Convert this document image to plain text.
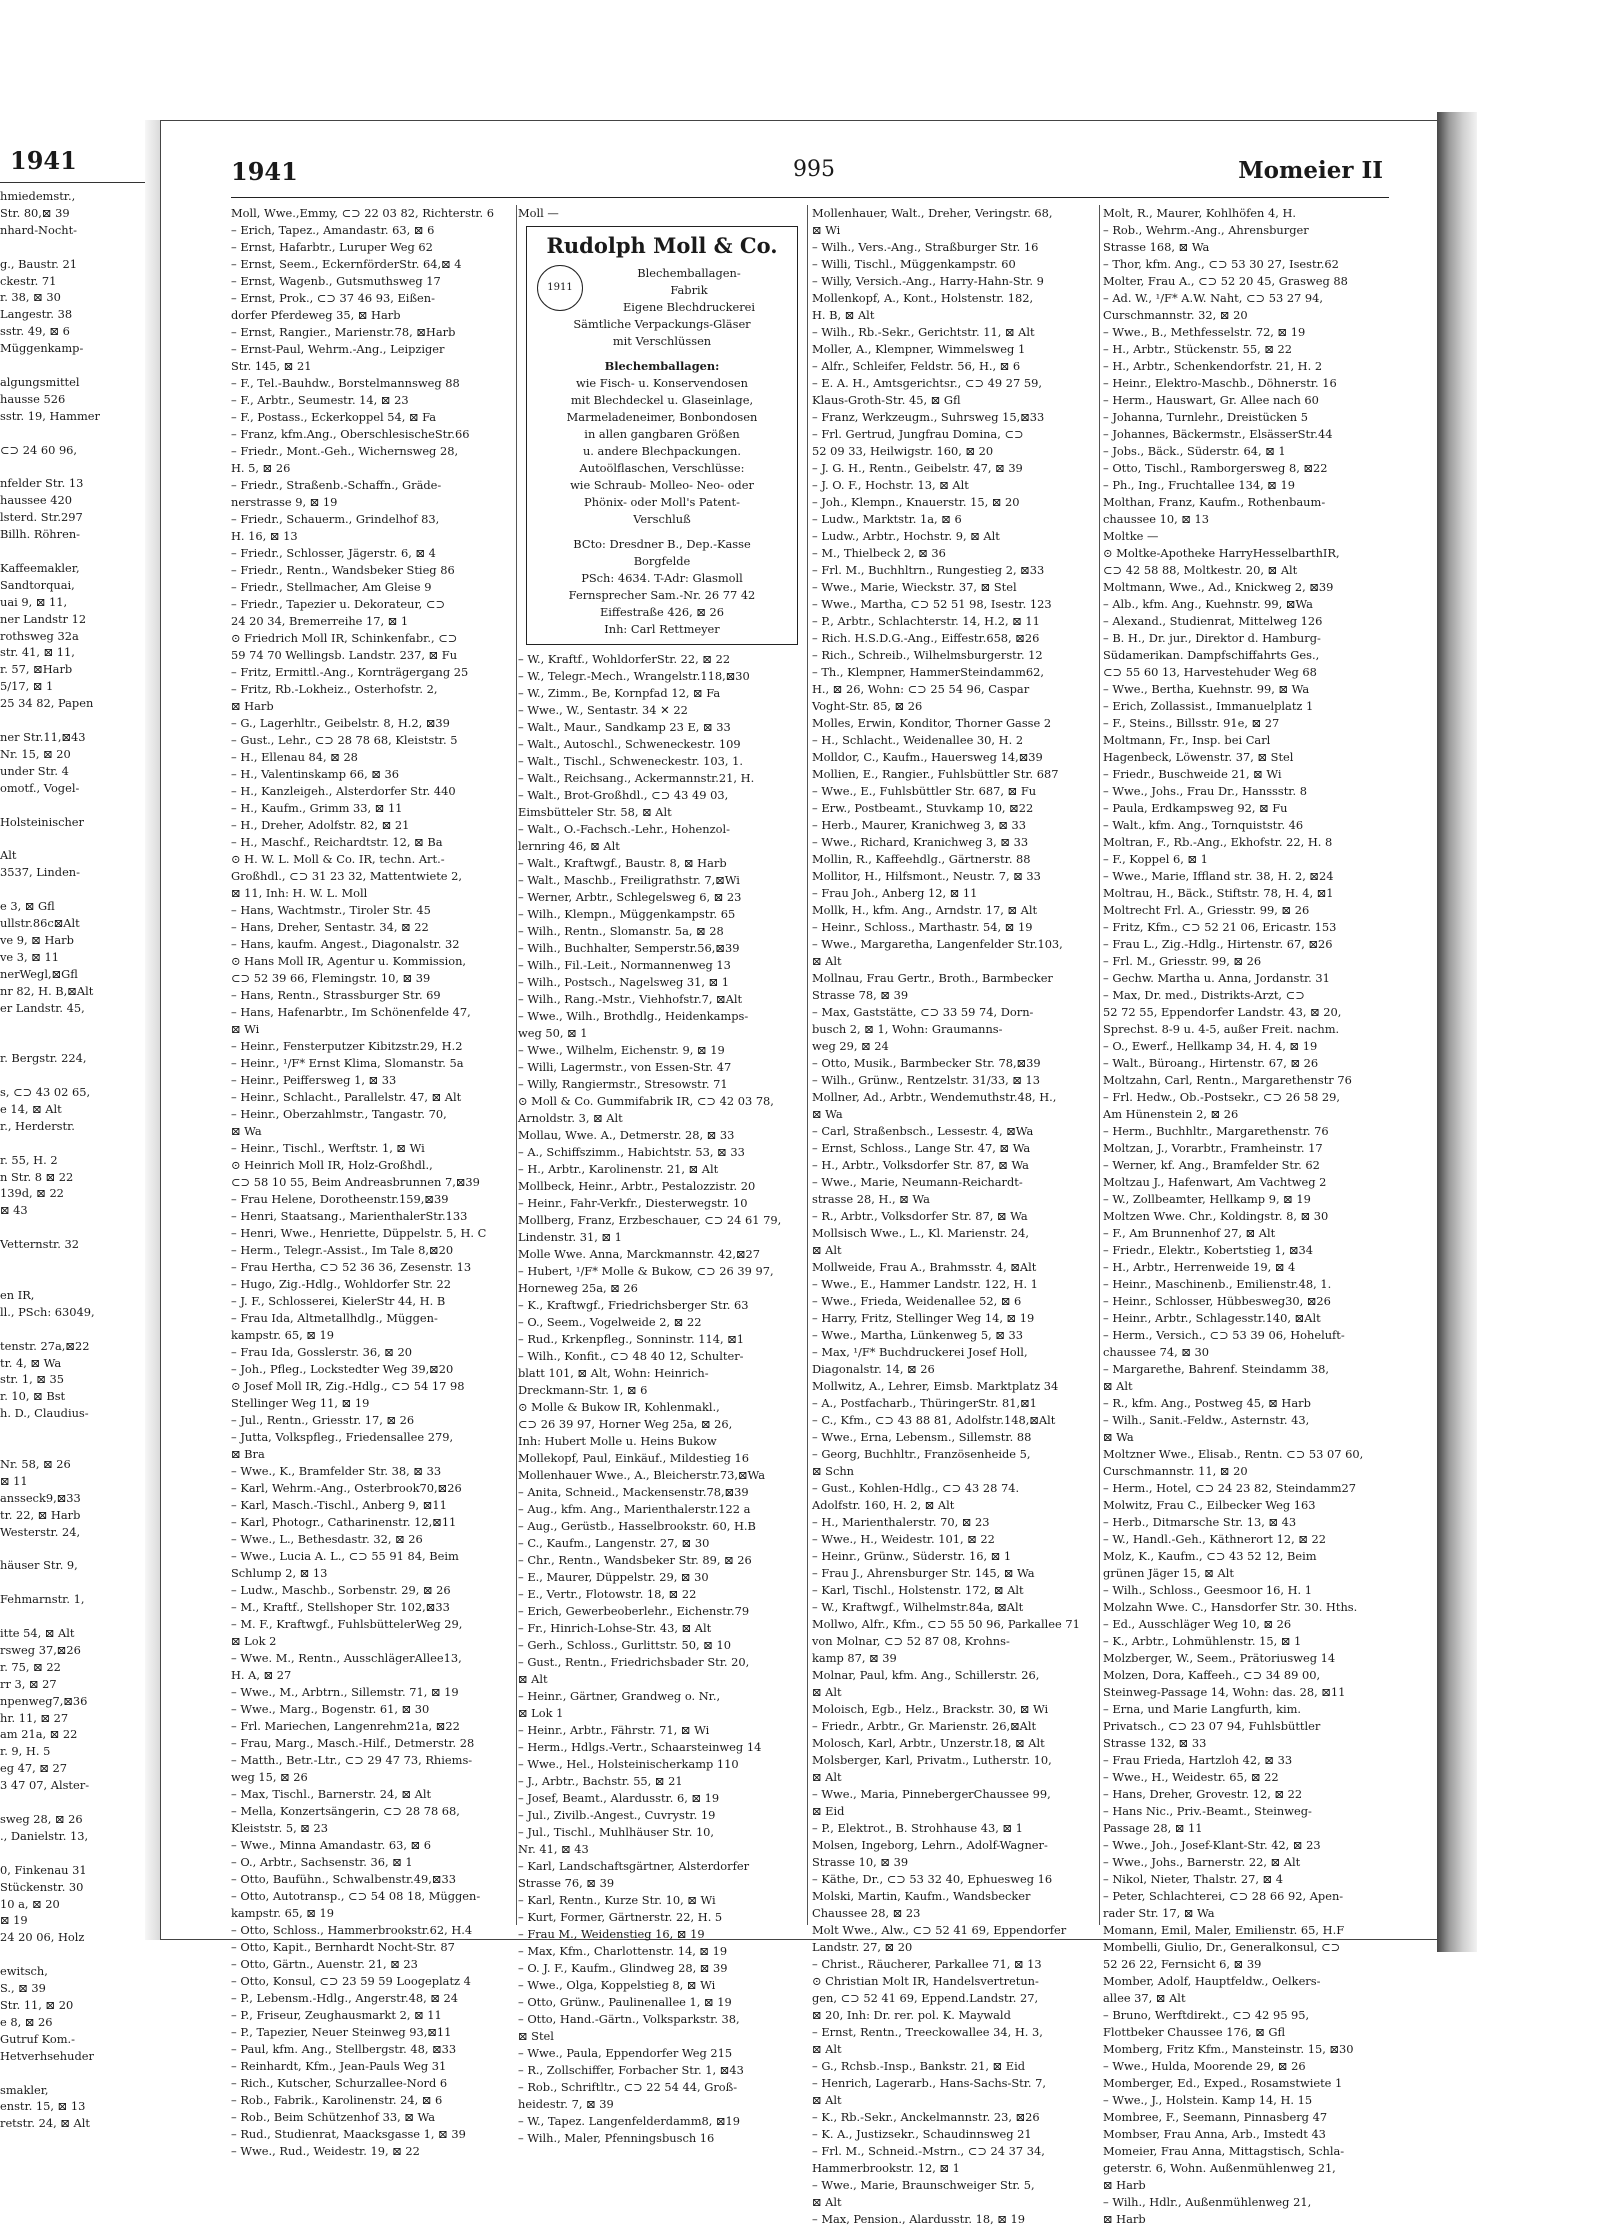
1941
hmiedemstr.,
Str. 80,⊠ 39
nhard-Nocht-

g., Baustr. 21
ckestr. 71
r. 38, ⊠ 30
Langestr. 38
sstr. 49, ⊠ 6
Müggenkamp-

algungsmittel
hausse 526
sstr. 19, Hammer

⊂⊃ 24 60 96,

nfelder Str. 13
haussee 420
lsterd. Str.297
Billh. Röhren-

Kaffeemakler,
Sandtorquai,
uai 9, ⊠ 11,
ner Landstr 12
rothsweg 32a
str. 41, ⊠ 11,
r. 57, ⊠Harb
5/17, ⊠ 1
25 34 82, Papen

ner Str.11,⊠43
Nr. 15, ⊠ 20
under Str. 4
omotf., Vogel-

Holsteinischer

Alt
3537, Linden-

e 3, ⊠ Gfl
ullstr.86c⊠Alt
ve 9, ⊠ Harb
ve 3, ⊠ 11
nerWegl,⊠Gfl
nr 82, H. B,⊠Alt
er Landstr. 45,

r. Bergstr. 224,

s, ⊂⊃ 43 02 65,
e 14, ⊠ Alt
r., Herderstr.

r. 55, H. 2
n Str. 8 ⊠ 22
139d, ⊠ 22
⊠ 43

Vetternstr. 32

en IR,
ll., PSch: 63049,

tenstr. 27a,⊠22
tr. 4, ⊠ Wa
str. 1, ⊠ 35
r. 10, ⊠ Bst
h. D., Claudius-

Nr. 58, ⊠ 26
⊠ 11
ansseck9,⊠33
tr. 22, ⊠ Harb
Westerstr. 24,

häuser Str. 9,

Fehmarnstr. 1,

itte 54, ⊠ Alt
rsweg 37,⊠26
r. 75, ⊠ 22
rr 3, ⊠ 27
npenweg7,⊠36
hr. 11, ⊠ 27
am 21a, ⊠ 22
r. 9, H. 5
eg 47, ⊠ 27
3 47 07, Alster-

sweg 28, ⊠ 26
., Danielstr. 13,

0, Finkenau 31
Stückenstr. 30
10 a, ⊠ 20
⊠ 19
24 20 06, Holz

ewitsch,
S., ⊠ 39
Str. 11, ⊠ 20
e 8, ⊠ 26
Gutruf Kom.-
Hetverhsehuder

smakler,
enstr. 15, ⊠ 13
retstr. 24, ⊠ Alt
1941	995	Momeier II
Moll, Wwe.,Emmy, ⊂⊃ 22 03 82, Richterstr. 6
– Erich, Tapez., Amandastr. 63, ⊠ 6
– Ernst, Hafarbtr., Luruper Weg 62
– Ernst, Seem., EckernförderStr. 64,⊠ 4
– Ernst, Wagenb., Gutsmuthsweg 17
– Ernst, Prok., ⊂⊃ 37 46 93, Eißen-
dorfer Pferdeweg 35, ⊠ Harb
– Ernst, Rangier., Marienstr.78, ⊠Harb
– Ernst-Paul, Wehrm.-Ang., Leipziger
Str. 145, ⊠ 21
– F., Tel.-Bauhdw., Borstelmannsweg 88
– F., Arbtr., Seumestr. 14, ⊠ 23
– F., Postass., Eckerkoppel 54, ⊠ Fa
– Franz, kfm.Ang., OberschlesischeStr.66
– Friedr., Mont.-Geh., Wichernsweg 28,
H. 5, ⊠ 26
– Friedr., Straßenb.-Schaffn., Gräde-
nerstrasse 9, ⊠ 19
– Friedr., Schauerm., Grindelhof 83,
H. 16, ⊠ 13
– Friedr., Schlosser, Jägerstr. 6, ⊠ 4
– Friedr., Rentn., Wandsbeker Stieg 86
– Friedr., Stellmacher, Am Gleise 9
– Friedr., Tapezier u. Dekorateur, ⊂⊃
24 20 34, Bremerreihe 17, ⊠ 1
⊙ Friedrich Moll IR, Schinkenfabr., ⊂⊃
59 74 70 Wellingsb. Landstr. 237, ⊠ Fu
– Fritz, Ermittl.-Ang., Kornträgergang 25
– Fritz, Rb.-Lokheiz., Osterhofstr. 2,
⊠ Harb
– G., Lagerhltr., Geibelstr. 8, H.2, ⊠39
– Gust., Lehr., ⊂⊃ 28 78 68, Kleiststr. 5
– H., Ellenau 84, ⊠ 28
– H., Valentinskamp 66, ⊠ 36
– H., Kanzleigeh., Alsterdorfer Str. 440
– H., Kaufm., Grimm 33, ⊠ 11
– H., Dreher, Adolfstr. 82, ⊠ 21
– H., Maschf., Reichardtstr. 12, ⊠ Ba
⊙ H. W. L. Moll & Co. IR, techn. Art.-
Großhdl., ⊂⊃ 31 23 32, Mattentwiete 2,
⊠ 11, Inh: H. W. L. Moll
– Hans, Wachtmstr., Tiroler Str. 45
– Hans, Dreher, Sentastr. 34, ⊠ 22
– Hans, kaufm. Angest., Diagonalstr. 32
⊙ Hans Moll IR, Agentur u. Kommission,
⊂⊃ 52 39 66, Flemingstr. 10, ⊠ 39
– Hans, Rentn., Strassburger Str. 69
– Hans, Hafenarbtr., Im Schönenfelde 47,
⊠ Wi
– Heinr., Fensterputzer Kibitzstr.29, H.2
– Heinr., ¹/F* Ernst Klima, Slomanstr. 5a
– Heinr., Peiffersweg 1, ⊠ 33
– Heinr., Schlacht., Parallelstr. 47, ⊠ Alt
– Heinr., Oberzahlmstr., Tangastr. 70,
⊠ Wa
– Heinr., Tischl., Werftstr. 1, ⊠ Wi
⊙ Heinrich Moll IR, Holz-Großhdl.,
⊂⊃ 58 10 55, Beim Andreasbrunnen 7,⊠39
– Frau Helene, Dorotheenstr.159,⊠39
– Henri, Staatsang., MarienthalerStr.133
– Henri, Wwe., Henriette, Düppelstr. 5, H. C
– Herm., Telegr.-Assist., Im Tale 8,⊠20
– Frau Hertha, ⊂⊃ 52 36 36, Zesenstr. 13
– Hugo, Zig.-Hdlg., Wohldorfer Str. 22
– J. F., Schlosserei, KielerStr 44, H. B
– Frau Ida, Altmetallhdlg., Müggen-
kampstr. 65, ⊠ 19
– Frau Ida, Gosslerstr. 36, ⊠ 20
– Joh., Pfleg., Lockstedter Weg 39,⊠20
⊙ Josef Moll IR, Zig.-Hdlg., ⊂⊃ 54 17 98
Stellinger Weg 11, ⊠ 19
– Jul., Rentn., Griesstr. 17, ⊠ 26
– Jutta, Volkspfleg., Friedensallee 279,
⊠ Bra
– Wwe., K., Bramfelder Str. 38, ⊠ 33
– Karl, Wehrm.-Ang., Osterbrook70,⊠26
– Karl, Masch.-Tischl., Anberg 9, ⊠11
– Karl, Photogr., Catharinenstr. 12,⊠11
– Wwe., L., Bethesdastr. 32, ⊠ 26
– Wwe., Lucia A. L., ⊂⊃ 55 91 84, Beim
Schlump 2, ⊠ 13
– Ludw., Maschb., Sorbenstr. 29, ⊠ 26
– M., Kraftf., Stellshoper Str. 102,⊠33
– M. F., Kraftwgf., FuhlsbüttelerWeg 29,
⊠ Lok 2
– Wwe. M., Rentn., AusschlägerAllee13,
H. A, ⊠ 27
– Wwe., M., Arbtrn., Sillemstr. 71, ⊠ 19
– Wwe., Marg., Bogenstr. 61, ⊠ 30
– Frl. Mariechen, Langenrehm21a, ⊠22
– Frau, Marg., Masch.-Hilf., Detmerstr. 28
– Matth., Betr.-Ltr., ⊂⊃ 29 47 73, Rhiems-
weg 15, ⊠ 26
– Max, Tischl., Barnerstr. 24, ⊠ Alt
– Mella, Konzertsängerin, ⊂⊃ 28 78 68,
Kleiststr. 5, ⊠ 23
– Wwe., Minna Amandastr. 63, ⊠ 6
– O., Arbtr., Sachsenstr. 36, ⊠ 1
– Otto, Baufühn., Schwalbenstr.49,⊠33
– Otto, Autotransp., ⊂⊃ 54 08 18, Müggen-
kampstr. 65, ⊠ 19
– Otto, Schloss., Hammerbrookstr.62, H.4
– Otto, Kapit., Bernhardt Nocht-Str. 87
– Otto, Gärtn., Auenstr. 21, ⊠ 23
– Otto, Konsul, ⊂⊃ 23 59 59 Loogeplatz 4
– P., Lebensm.-Hdlg., Angerstr.48, ⊠ 24
– P., Friseur, Zeughausmarkt 2, ⊠ 11
– P., Tapezier, Neuer Steinweg 93,⊠11
– Paul, kfm. Ang., Stellbergstr. 48, ⊠33
– Reinhardt, Kfm., Jean-Pauls Weg 31
– Rich., Kutscher, Schurzallee-Nord 6
– Rob., Fabrik., Karolinenstr. 24, ⊠ 6
– Rob., Beim Schützenhof 33, ⊠ Wa
– Rud., Studienrat, Maacksgasse 1, ⊠ 39
– Wwe., Rud., Weidestr. 19, ⊠ 22
Moll —
Rudolph Moll & Co.
1911
Blechemballagen-
Fabrik
Eigene Blechdruckerei
Sämtliche Verpackungs-Gläser
mit Verschlüssen
Blechemballagen:
wie Fisch- u. Konservendosen
mit Blechdeckel u. Glaseinlage,
Marmeladeneimer, Bonbondosen
in allen gangbaren Größen
u. andere Blechpackungen.
Autoölflaschen, Verschlüsse:
wie Schraub- Molleo- Neo- oder
Phönix- oder Moll's Patent-
Verschluß
BCto: Dresdner B., Dep.-Kasse
Borgfelde
PSch: 4634. T-Adr: Glasmoll
Fernsprecher Sam.-Nr. 26 77 42
Eiffestraße 426, ⊠ 26
Inh: Carl Rettmeyer
– W., Kraftf., WohldorferStr. 22, ⊠ 22
– W., Telegr.-Mech., Wrangelstr.118,⊠30
– W., Zimm., Be, Kornpfad 12, ⊠ Fa
– Wwe., W., Sentastr. 34 ✕ 22
– Walt., Maur., Sandkamp 23 E, ⊠ 33
– Walt., Autoschl., Schweneckestr. 109
– Walt., Tischl., Schweneckestr. 103, 1.
– Walt., Reichsang., Ackermannstr.21, H.
– Walt., Brot-Großhdl., ⊂⊃ 43 49 03,
Eimsbütteler Str. 58, ⊠ Alt
– Walt., O.-Fachsch.-Lehr., Hohenzol-
lernring 46, ⊠ Alt
– Walt., Kraftwgf., Baustr. 8, ⊠ Harb
– Walt., Maschb., Freiligrathstr. 7,⊠Wi
– Werner, Arbtr., Schlegelsweg 6, ⊠ 23
– Wilh., Klempn., Müggenkampstr. 65
– Wilh., Rentn., Slomanstr. 5a, ⊠ 28
– Wilh., Buchhalter, Semperstr.56,⊠39
– Wilh., Fil.-Leit., Normannenweg 13
– Wilh., Postsch., Nagelsweg 31, ⊠ 1
– Wilh., Rang.-Mstr., Viehhofstr.7, ⊠Alt
– Wwe., Wilh., Brothdlg., Heidenkamps-
weg 50, ⊠ 1
– Wwe., Wilhelm, Eichenstr. 9, ⊠ 19
– Willi, Lagermstr., von Essen-Str. 47
– Willy, Rangiermstr., Stresowstr. 71
⊙ Moll & Co. Gummifabrik IR, ⊂⊃ 42 03 78,
Arnoldstr. 3, ⊠ Alt
Mollau, Wwe. A., Detmerstr. 28, ⊠ 33
– A., Schiffszimm., Habichtstr. 53, ⊠ 33
– H., Arbtr., Karolinenstr. 21, ⊠ Alt
Mollbeck, Heinr., Arbtr., Pestalozzistr. 20
– Heinr., Fahr-Verkfr., Diesterwegstr. 10
Mollberg, Franz, Erzbeschauer, ⊂⊃ 24 61 79,
Lindenstr. 31, ⊠ 1
Molle Wwe. Anna, Marckmannstr. 42,⊠27
– Hubert, ¹/F* Molle & Bukow, ⊂⊃ 26 39 97,
Horneweg 25a, ⊠ 26
– K., Kraftwgf., Friedrichsberger Str. 63
– O., Seem., Vogelweide 2, ⊠ 22
– Rud., Krkenpfleg., Sonninstr. 114, ⊠1
– Wilh., Konfit., ⊂⊃ 48 40 12, Schulter-
blatt 101, ⊠ Alt, Wohn: Heinrich-
Dreckmann-Str. 1, ⊠ 6
⊙ Molle & Bukow IR, Kohlenmakl.,
⊂⊃ 26 39 97, Horner Weg 25a, ⊠ 26,
Inh: Hubert Molle u. Heins Bukow
Mollekopf, Paul, Einkäuf., Mildestieg 16
Mollenhauer Wwe., A., Bleicherstr.73,⊠Wa
– Anita, Schneid., Mackensenstr.78,⊠39
– Aug., kfm. Ang., Marienthalerstr.122 a
– Aug., Gerüstb., Hasselbrookstr. 60, H.B
– C., Kaufm., Langenstr. 27, ⊠ 30
– Chr., Rentn., Wandsbeker Str. 89, ⊠ 26
– E., Maurer, Düppelstr. 29, ⊠ 30
– E., Vertr., Flotowstr. 18, ⊠ 22
– Erich, Gewerbeoberlehr., Eichenstr.79
– Fr., Hinrich-Lohse-Str. 43, ⊠ Alt
– Gerh., Schloss., Gurlittstr. 50, ⊠ 10
– Gust., Rentn., Friedrichsbader Str. 20,
⊠ Alt
– Heinr., Gärtner, Grandweg o. Nr.,
⊠ Lok 1
– Heinr., Arbtr., Fährstr. 71, ⊠ Wi
– Herm., Hdlgs.-Vertr., Schaarsteinweg 14
– Wwe., Hel., Holsteinischerkamp 110
– J., Arbtr., Bachstr. 55, ⊠ 21
– Josef, Beamt., Alardusstr. 6, ⊠ 19
– Jul., Zivilb.-Angest., Cuvrystr. 19
– Jul., Tischl., Muhlhäuser Str. 10,
Nr. 41, ⊠ 43
– Karl, Landschaftsgärtner, Alsterdorfer
Strasse 76, ⊠ 39
– Karl, Rentn., Kurze Str. 10, ⊠ Wi
– Kurt, Former, Gärtnerstr. 22, H. 5
– Frau M., Weidenstieg 16, ⊠ 19
– Max, Kfm., Charlottenstr. 14, ⊠ 19
– O. J. F., Kaufm., Glindweg 28, ⊠ 39
– Wwe., Olga, Koppelstieg 8, ⊠ Wi
– Otto, Grünw., Paulinenallee 1, ⊠ 19
– Otto, Hand.-Gärtn., Volksparkstr. 38,
⊠ Stel
– Wwe., Paula, Eppendorfer Weg 215
– R., Zollschiffer, Forbacher Str. 1, ⊠43
– Rob., Schriftltr., ⊂⊃ 22 54 44, Groß-
heidestr. 7, ⊠ 39
– W., Tapez. Langenfelderdamm8, ⊠19
– Wilh., Maler, Pfenningsbusch 16
Mollenhauer, Walt., Dreher, Veringstr. 68,
⊠ Wi
– Wilh., Vers.-Ang., Straßburger Str. 16
– Willi, Tischl., Müggenkampstr. 60
– Willy, Versich.-Ang., Harry-Hahn-Str. 9
Mollenkopf, A., Kont., Holstenstr. 182,
H. B, ⊠ Alt
– Wilh., Rb.-Sekr., Gerichtstr. 11, ⊠ Alt
Moller, A., Klempner, Wimmelsweg 1
– Alfr., Schleifer, Feldstr. 56, H., ⊠ 6
– E. A. H., Amtsgerichtsr., ⊂⊃ 49 27 59,
Klaus-Groth-Str. 45, ⊠ Gfl
– Franz, Werkzeugm., Suhrsweg 15,⊠33
– Frl. Gertrud, Jungfrau Domina, ⊂⊃
52 09 33, Heilwigstr. 160, ⊠ 20
– J. G. H., Rentn., Geibelstr. 47, ⊠ 39
– J. O. F., Hochstr. 13, ⊠ Alt
– Joh., Klempn., Knauerstr. 15, ⊠ 20
– Ludw., Marktstr. 1a, ⊠ 6
– Ludw., Arbtr., Hochstr. 9, ⊠ Alt
– M., Thielbeck 2, ⊠ 36
– Frl. M., Buchhltrn., Rungestieg 2, ⊠33
– Wwe., Marie, Wieckstr. 37, ⊠ Stel
– Wwe., Martha, ⊂⊃ 52 51 98, Isestr. 123
– P., Arbtr., Schlachterstr. 14, H.2, ⊠ 11
– Rich. H.S.D.G.-Ang., Eiffestr.658, ⊠26
– Rich., Schreib., Wilhelmsburgerstr. 12
– Th., Klempner, HammerSteindamm62,
H., ⊠ 26, Wohn: ⊂⊃ 25 54 96, Caspar
Voght-Str. 85, ⊠ 26
Molles, Erwin, Konditor, Thorner Gasse 2
– H., Schlacht., Weidenallee 30, H. 2
Molldor, C., Kaufm., Hauersweg 14,⊠39
Mollien, E., Rangier., Fuhlsbüttler Str. 687
– Wwe., E., Fuhlsbüttler Str. 687, ⊠ Fu
– Erw., Postbeamt., Stuvkamp 10, ⊠22
– Herb., Maurer, Kranichweg 3, ⊠ 33
– Wwe., Richard, Kranichweg 3, ⊠ 33
Mollin, R., Kaffeehdlg., Gärtnerstr. 88
Mollitor, H., Hilfsmont., Neustr. 7, ⊠ 33
– Frau Joh., Anberg 12, ⊠ 11
Mollk, H., kfm. Ang., Arndstr. 17, ⊠ Alt
– Heinr., Schloss., Marthastr. 54, ⊠ 19
– Wwe., Margaretha, Langenfelder Str.103,
⊠ Alt
Mollnau, Frau Gertr., Broth., Barmbecker
Strasse 78, ⊠ 39
– Max, Gaststätte, ⊂⊃ 33 59 74, Dorn-
busch 2, ⊠ 1, Wohn: Graumanns-
weg 29, ⊠ 24
– Otto, Musik., Barmbecker Str. 78,⊠39
– Wilh., Grünw., Rentzelstr. 31/33, ⊠ 13
Mollner, Ad., Arbtr., Wendemuthstr.48, H.,
⊠ Wa
– Carl, Straßenbsch., Lessestr. 4, ⊠Wa
– Ernst, Schloss., Lange Str. 47, ⊠ Wa
– H., Arbtr., Volksdorfer Str. 87, ⊠ Wa
– Wwe., Marie, Neumann-Reichardt-
strasse 28, H., ⊠ Wa
– R., Arbtr., Volksdorfer Str. 87, ⊠ Wa
Mollsisch Wwe., L., Kl. Marienstr. 24,
⊠ Alt
Mollweide, Frau A., Brahmsstr. 4, ⊠Alt
– Wwe., E., Hammer Landstr. 122, H. 1
– Wwe., Frieda, Weidenallee 52, ⊠ 6
– Harry, Fritz, Stellinger Weg 14, ⊠ 19
– Wwe., Martha, Lünkenweg 5, ⊠ 33
– Max, ¹/F* Buchdruckerei Josef Holl,
Diagonalstr. 14, ⊠ 26
Mollwitz, A., Lehrer, Eimsb. Marktplatz 34
– A., Postfacharb., ThüringerStr. 81,⊠1
– C., Kfm., ⊂⊃ 43 88 81, Adolfstr.148,⊠Alt
– Wwe., Erna, Lebensm., Sillemstr. 88
– Georg, Buchhltr., Französenheide 5,
⊠ Schn
– Gust., Kohlen-Hdlg., ⊂⊃ 43 28 74.
Adolfstr. 160, H. 2, ⊠ Alt
– H., Marienthalerstr. 70, ⊠ 23
– Wwe., H., Weidestr. 101, ⊠ 22
– Heinr., Grünw., Süderstr. 16, ⊠ 1
– Frau J., Ahrensburger Str. 145, ⊠ Wa
– Karl, Tischl., Holstenstr. 172, ⊠ Alt
– W., Kraftwgf., Wilhelmstr.84a, ⊠Alt
Mollwo, Alfr., Kfm., ⊂⊃ 55 50 96, Parkallee 71
von Molnar, ⊂⊃ 52 87 08, Krohns-
kamp 87, ⊠ 39
Molnar, Paul, kfm. Ang., Schillerstr. 26,
⊠ Alt
Moloisch, Egb., Helz., Brackstr. 30, ⊠ Wi
– Friedr., Arbtr., Gr. Marienstr. 26,⊠Alt
Molosch, Karl, Arbtr., Unzerstr.18, ⊠ Alt
Molsberger, Karl, Privatm., Lutherstr. 10,
⊠ Alt
– Wwe., Maria, PinnebergerChaussee 99,
⊠ Eid
– P., Elektrot., B. Strohhause 43, ⊠ 1
Molsen, Ingeborg, Lehrn., Adolf-Wagner-
Strasse 10, ⊠ 39
– Käthe, Dr., ⊂⊃ 53 32 40, Ephuesweg 16
Molski, Martin, Kaufm., Wandsbecker
Chaussee 28, ⊠ 23
Molt Wwe., Alw., ⊂⊃ 52 41 69, Eppendorfer
Landstr. 27, ⊠ 20
– Christ., Räucherer, Parkallee 71, ⊠ 13
⊙ Christian Molt IR, Handelsvertretun-
gen, ⊂⊃ 52 41 69, Eppend.Landstr. 27,
⊠ 20, Inh: Dr. rer. pol. K. Maywald
– Ernst, Rentn., Treeckowallee 34, H. 3,
⊠ Alt
– G., Rchsb.-Insp., Bankstr. 21, ⊠ Eid
– Henrich, Lagerarb., Hans-Sachs-Str. 7,
⊠ Alt
– K., Rb.-Sekr., Anckelmannstr. 23, ⊠26
– K. A., Justizsekr., Schaudinnsweg 21
– Frl. M., Schneid.-Mstrn., ⊂⊃ 24 37 34,
Hammerbrookstr. 12, ⊠ 1
– Wwe., Marie, Braunschweiger Str. 5,
⊠ Alt
– Max, Pension., Alardusstr. 18, ⊠ 19
Molt, R., Maurer, Kohlhöfen 4, H.
– Rob., Wehrm.-Ang., Ahrensburger
Strasse 168, ⊠ Wa
– Thor, kfm. Ang., ⊂⊃ 53 30 27, Isestr.62
Molter, Frau A., ⊂⊃ 52 20 45, Grasweg 88
– Ad. W., ¹/F* A.W. Naht, ⊂⊃ 53 27 94,
Curschmannstr. 32, ⊠ 20
– Wwe., B., Methfesselstr. 72, ⊠ 19
– H., Arbtr., Stückenstr. 55, ⊠ 22
– H., Arbtr., Schenkendorfstr. 21, H. 2
– Heinr., Elektro-Maschb., Döhnerstr. 16
– Herm., Hauswart, Gr. Allee nach 60
– Johanna, Turnlehr., Dreistücken 5
– Johannes, Bäckermstr., ElsässerStr.44
– Jobs., Bäck., Süderstr. 64, ⊠ 1
– Otto, Tischl., Ramborgersweg 8, ⊠22
– Ph., Ing., Fruchtallee 134, ⊠ 19
Molthan, Franz, Kaufm., Rothenbaum-
chaussee 10, ⊠ 13
Moltke —
⊙ Moltke-Apotheke HarryHesselbarthIR,
⊂⊃ 42 58 88, Moltkestr. 20, ⊠ Alt
Moltmann, Wwe., Ad., Knickweg 2, ⊠39
– Alb., kfm. Ang., Kuehnstr. 99, ⊠Wa
– Alexand., Studienrat, Mittelweg 126
– B. H., Dr. jur., Direktor d. Hamburg-
Südamerikan. Dampfschiffahrts Ges.,
⊂⊃ 55 60 13, Harvestehuder Weg 68
– Wwe., Bertha, Kuehnstr. 99, ⊠ Wa
– Erich, Zollassist., Immanuelplatz 1
– F., Steins., Billsstr. 91e, ⊠ 27
Moltmann, Fr., Insp. bei Carl
Hagenbeck, Löwenstr. 37, ⊠ Stel
– Friedr., Buschweide 21, ⊠ Wi
– Wwe., Johs., Frau Dr., Hanssstr. 8
– Paula, Erdkampsweg 92, ⊠ Fu
– Walt., kfm. Ang., Tornquiststr. 46
Moltran, F., Rb.-Ang., Ekhofstr. 22, H. 8
– F., Koppel 6, ⊠ 1
– Wwe., Marie, Iffland str. 38, H. 2, ⊠24
Moltrau, H., Bäck., Stiftstr. 78, H. 4, ⊠1
Moltrecht Frl. A., Griesstr. 99, ⊠ 26
– Fritz, Kfm., ⊂⊃ 52 21 06, Ericastr. 153
– Frau L., Zig.-Hdlg., Hirtenstr. 67, ⊠26
– Frl. M., Griesstr. 99, ⊠ 26
– Gechw. Martha u. Anna, Jordanstr. 31
– Max, Dr. med., Distrikts-Arzt, ⊂⊃
52 72 55, Eppendorfer Landstr. 43, ⊠ 20,
Sprechst. 8-9 u. 4-5, außer Freit. nachm.
– O., Ewerf., Hellkamp 34, H. 4, ⊠ 19
– Walt., Büroang., Hirtenstr. 67, ⊠ 26
Moltzahn, Carl, Rentn., Margarethenstr 76
– Frl. Hedw., Ob.-Postsekr., ⊂⊃ 26 58 29,
Am Hünenstein 2, ⊠ 26
– Herm., Buchhltr., Margarethenstr. 76
Moltzan, J., Vorarbtr., Framheinstr. 17
– Werner, kf. Ang., Bramfelder Str. 62
Moltzau J., Hafenwart, Am Vachtweg 2
– W., Zollbeamter, Hellkamp 9, ⊠ 19
Moltzen Wwe. Chr., Koldingstr. 8, ⊠ 30
– F., Am Brunnenhof 27, ⊠ Alt
– Friedr., Elektr., Kobertstieg 1, ⊠34
– H., Arbtr., Herrenweide 19, ⊠ 4
– Heinr., Maschinenb., Emilienstr.48, 1.
– Heinr., Schlosser, Hübbesweg30, ⊠26
– Heinr., Arbtr., Schlagesstr.140, ⊠Alt
– Herm., Versich., ⊂⊃ 53 39 06, Hoheluft-
chaussee 74, ⊠ 30
– Margarethe, Bahrenf. Steindamm 38,
⊠ Alt
– R., kfm. Ang., Postweg 45, ⊠ Harb
– Wilh., Sanit.-Feldw., Asternstr. 43,
⊠ Wa
Moltzner Wwe., Elisab., Rentn. ⊂⊃ 53 07 60,
Curschmannstr. 11, ⊠ 20
– Herm., Hotel, ⊂⊃ 24 23 82, Steindamm27
Molwitz, Frau C., Eilbecker Weg 163
– Herb., Ditmarsche Str. 13, ⊠ 43
– W., Handl.-Geh., Käthnerort 12, ⊠ 22
Molz, K., Kaufm., ⊂⊃ 43 52 12, Beim
grünen Jäger 15, ⊠ Alt
– Wilh., Schloss., Geesmoor 16, H. 1
Molzahn Wwe. C., Hansdorfer Str. 30. Hths.
– Ed., Ausschläger Weg 10, ⊠ 26
– K., Arbtr., Lohmühlenstr. 15, ⊠ 1
Molzberger, W., Seem., Prätoriusweg 14
Molzen, Dora, Kaffeeh., ⊂⊃ 34 89 00,
Steinweg-Passage 14, Wohn: das. 28, ⊠11
– Erna, und Marie Langfurth, kim.
Privatsch., ⊂⊃ 23 07 94, Fuhlsbüttler
Strasse 132, ⊠ 33
– Frau Frieda, Hartzloh 42, ⊠ 33
– Wwe., H., Weidestr. 65, ⊠ 22
– Hans, Dreher, Grovestr. 12, ⊠ 22
– Hans Nic., Priv.-Beamt., Steinweg-
Passage 28, ⊠ 11
– Wwe., Joh., Josef-Klant-Str. 42, ⊠ 23
– Wwe., Johs., Barnerstr. 22, ⊠ Alt
– Nikol, Nieter, Thalstr. 27, ⊠ 4
– Peter, Schlachterei, ⊂⊃ 28 66 92, Apen-
rader Str. 17, ⊠ Wa
Momann, Emil, Maler, Emilienstr. 65, H.F
Mombelli, Giulio, Dr., Generalkonsul, ⊂⊃
52 26 22, Fernsicht 6, ⊠ 39
Momber, Adolf, Hauptfeldw., Oelkers-
allee 37, ⊠ Alt
– Bruno, Werftdirekt., ⊂⊃ 42 95 95,
Flottbeker Chaussee 176, ⊠ Gfl
Momberg, Fritz Kfm., Mansteinstr. 15, ⊠30
– Wwe., Hulda, Moorende 29, ⊠ 26
Momberger, Ed., Exped., Rosamstwiete 1
– Wwe., J., Holstein. Kamp 14, H. 15
Mombree, F., Seemann, Pinnasberg 47
Mombser, Frau Anna, Arb., Imstedt 43
Momeier, Frau Anna, Mittagstisch, Schla-
geterstr. 6, Wohn. Außenmühlenweg 21,
⊠ Harb
– Wilh., Hdlr., Außenmühlenweg 21,
⊠ Harb
